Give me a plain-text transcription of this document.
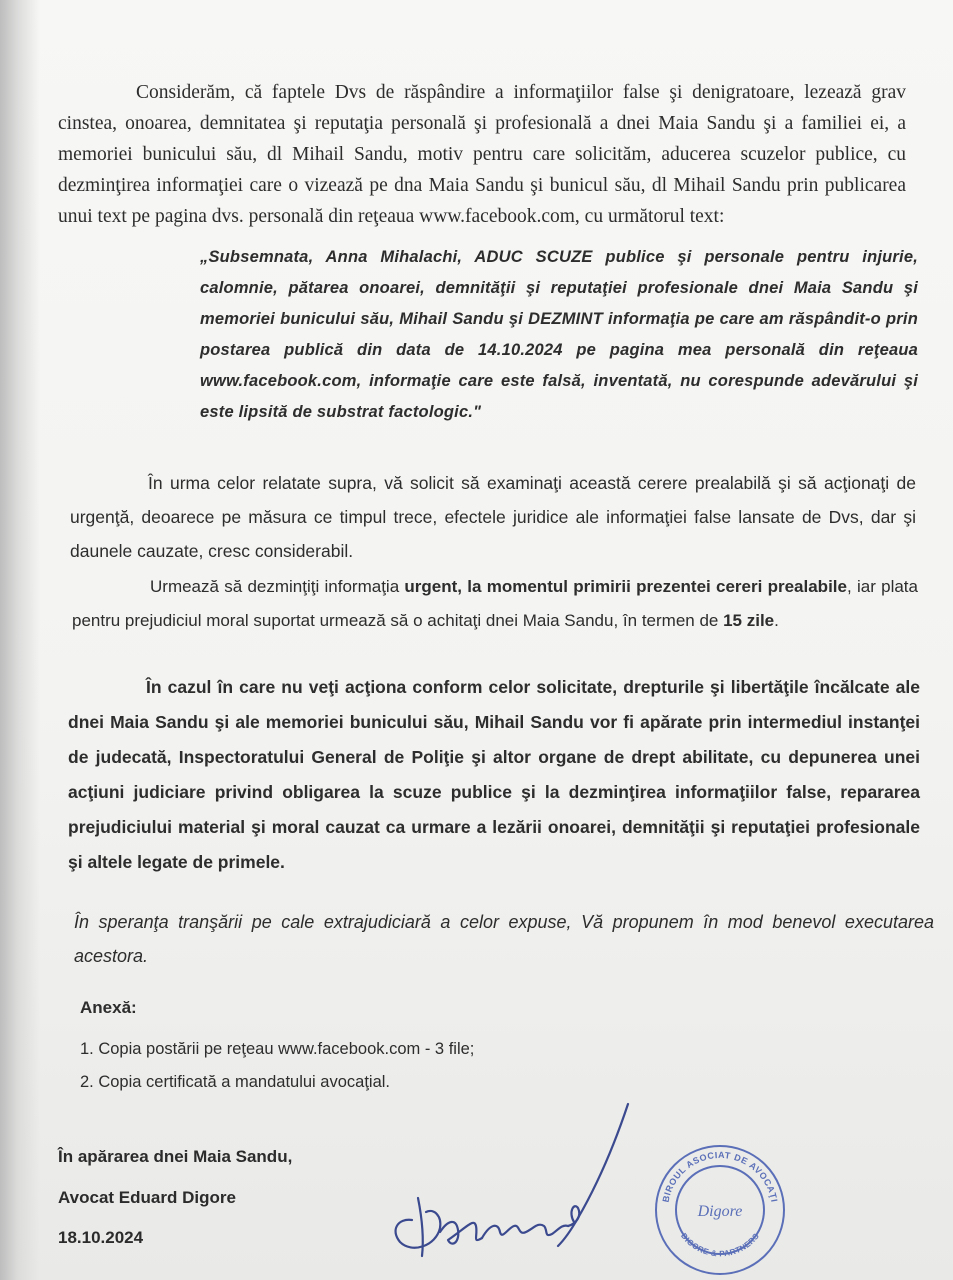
Considerăm, că faptele Dvs de răspândire a informaţiilor false şi denigratoare, lezează grav cinstea, onoarea, demnitatea şi reputaţia personală şi profesională a dnei Maia Sandu şi a familiei ei, a memoriei bunicului său, dl Mihail Sandu, motiv pentru care solicităm, aducerea scuzelor publice, cu dezminţirea informaţiei care o vizează pe dna Maia Sandu şi bunicul său, dl Mihail Sandu prin publicarea unui text pe pagina dvs. personală din reţeaua www.facebook.com, cu următorul text:

„Subsemnata, Anna Mihalachi, ADUC SCUZE publice şi personale pentru injurie, calomnie, pătarea onoarei, demnităţii şi reputaţiei profesionale dnei Maia Sandu şi memoriei bunicului său, Mihail Sandu şi DEZMINT informaţia pe care am răspândit-o prin postarea publică din data de 14.10.2024 pe pagina mea personală din reţeaua www.facebook.com, informaţie care este falsă, inventată, nu corespunde adevărului şi este lipsită de substrat factologic."

În urma celor relatate supra, vă solicit să examinaţi această cerere prealabilă şi să acţionaţi de urgenţă, deoarece pe măsura ce timpul trece, efectele juridice ale informaţiei false lansate de Dvs, dar şi daunele cauzate, cresc considerabil.

Urmează să dezminţiţi informaţia urgent, la momentul primirii prezentei cereri prealabile, iar plata pentru prejudiciul moral suportat urmează să o achitaţi dnei Maia Sandu, în termen de 15 zile.

În cazul în care nu veţi acţiona conform celor solicitate, drepturile şi libertăţile încălcate ale dnei Maia Sandu şi ale memoriei bunicului său, Mihail Sandu vor fi apărate prin intermediul instanţei de judecată, Inspectoratului General de Poliţie şi altor organe de drept abilitate, cu depunerea unei acţiuni judiciare privind obligarea la scuze publice şi la dezminţirea informaţiilor false, repararea prejudiciului material şi moral cauzat ca urmare a lezării onoarei, demnităţii şi reputaţiei profesionale şi altele legate de primele.

În speranţa tranşării pe cale extrajudiciară a celor expuse, Vă propunem în mod benevol executarea acestora.

Anexă:

1. Copia postării pe reţeau www.facebook.com - 3 file;

2. Copia certificată a mandatului avocaţial.

În apărarea dnei Maia Sandu,

Avocat Eduard Digore

18.10.2024

BIROUL ASOCIAT DE AVOCAŢI
Digore
DIGORE & PARTNERS
